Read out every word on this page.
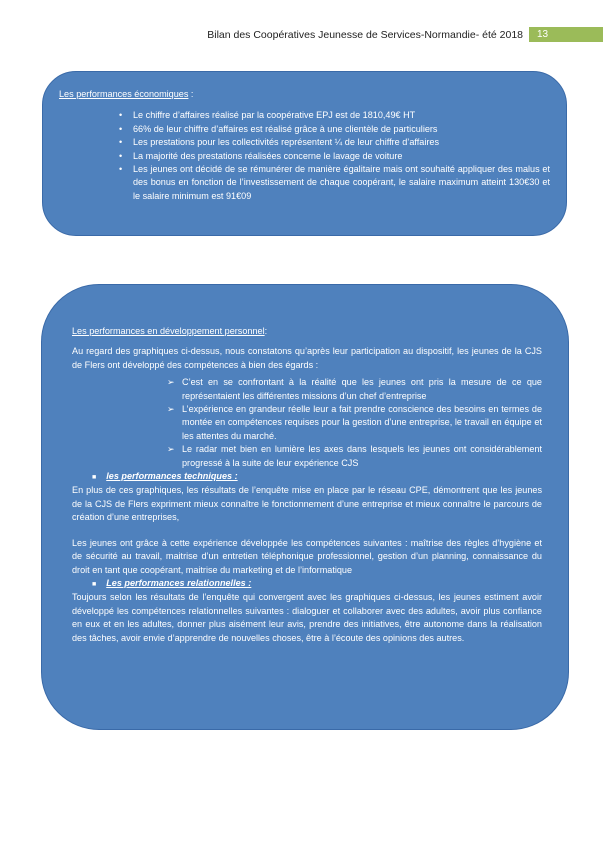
Bilan des Coopératives Jeunesse de Services-Normandie- été 2018	13
Les performances économiques :
• Le chiffre d’affaires réalisé par la coopérative EPJ est de 1810,49€ HT
• 66% de leur chiffre d’affaires est réalisé grâce à une clientèle de particuliers
• Les prestations pour les collectivités représentent ¼ de leur chiffre d’affaires
• La majorité des prestations réalisées concerne le lavage de voiture
• Les jeunes ont décidé de se rémunérer de manière égalitaire mais ont souhaité appliquer des malus et des bonus en fonction de l’investissement de chaque coopérant, le salaire maximum atteint 130€30 et le salaire minimum est 91€09
Les performances en développement personnel:

Au regard des graphiques ci-dessus, nous constatons qu’après leur participation au dispositif, les jeunes de la CJS de Flers ont développé des compétences à bien des égards :

➢ C’est en se confrontant à la réalité que les jeunes ont pris la mesure de ce que représentaient les différentes missions d’un chef d’entreprise
➢ L’expérience en grandeur réelle leur a fait prendre conscience des besoins en termes de montée en compétences requises pour la gestion d’une entreprise, le travail en équipe et les attentes du marché.
➢ Le radar met bien en lumière les axes dans lesquels les jeunes ont considérablement progressé à la suite de leur expérience CJS
■ les performances techniques :

En plus de ces graphiques, les résultats de l’enquête mise en place par le réseau CPE, démontrent que les jeunes de la CJS de Flers expriment mieux connaître le fonctionnement d’une entreprise et mieux connaître le parcours de création d’une entreprises,

Les jeunes ont grâce à cette expérience développée les compétences suivantes : maîtrise des règles d’hygiène et de sécurité au travail, maitrise d’un entretien téléphonique professionnel, gestion d’un planning, connaissance du droit en tant que coopérant, maitrise du marketing et de l’informatique

■ Les performances relationnelles :

Toujours selon les résultats de l’enquête qui convergent avec les graphiques ci-dessus, les jeunes estiment avoir développé les compétences relationnelles suivantes : dialoguer et collaborer avec des adultes, avoir plus confiance en eux et en les adultes, donner plus aisément leur avis, prendre des initiatives, être autonome dans la réalisation des tâches, avoir envie d’apprendre de nouvelles choses, être à l’écoute des opinions des autres.
